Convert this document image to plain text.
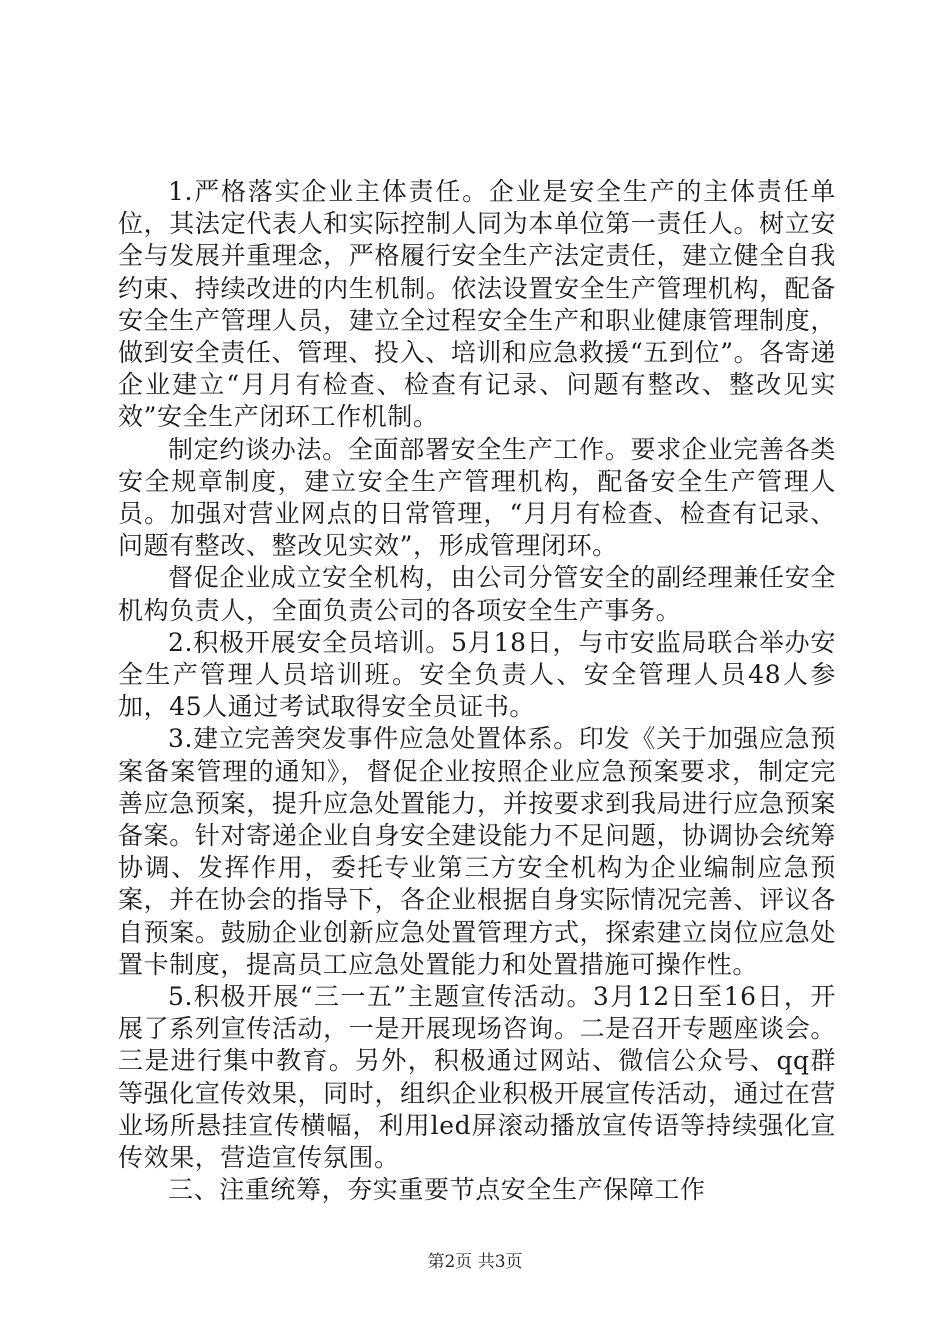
1.严格落实企业主体责任。企业是安全生产的主体责任单位，其法定代表人和实际控制人同为本单位第一责任人。树立安全与发展并重理念，严格履行安全生产法定责任，建立健全自我约束、持续改进的内生机制。依法设置安全生产管理机构，配备安全生产管理人员，建立全过程安全生产和职业健康管理制度，做到安全责任、管理、投入、培训和应急救援“五到位”。各寄递企业建立“月月有检查、检查有记录、问题有整改、整改见实效”安全生产闭环工作机制。

制定约谈办法。全面部署安全生产工作。要求企业完善各类安全规章制度，建立安全生产管理机构，配备安全生产管理人员。加强对营业网点的日常管理，“月月有检查、检查有记录、问题有整改、整改见实效”，形成管理闭环。

督促企业成立安全机构，由公司分管安全的副经理兼任安全机构负责人，全面负责公司的各项安全生产事务。

2.积极开展安全员培训。5月18日，与市安监局联合举办安全生产管理人员培训班。安全负责人、安全管理人员48人参加，45人通过考试取得安全员证书。

3.建立完善突发事件应急处置体系。印发《关于加强应急预案备案管理的通知》，督促企业按照企业应急预案要求，制定完善应急预案，提升应急处置能力，并按要求到我局进行应急预案备案。针对寄递企业自身安全建设能力不足问题，协调协会统筹协调、发挥作用，委托专业第三方安全机构为企业编制应急预案，并在协会的指导下，各企业根据自身实际情况完善、评议各自预案。鼓励企业创新应急处置管理方式，探索建立岗位应急处置卡制度，提高员工应急处置能力和处置措施可操作性。

5.积极开展“三一五”主题宣传活动。3月12日至16日，开展了系列宣传活动，一是开展现场咨询。二是召开专题座谈会。三是进行集中教育。另外，积极通过网站、微信公众号、qq群等强化宣传效果，同时，组织企业积极开展宣传活动，通过在营业场所悬挂宣传横幅，利用led屏滚动播放宣传语等持续强化宣传效果，营造宣传氛围。

三、注重统筹，夯实重要节点安全生产保障工作

第2页 共3页
